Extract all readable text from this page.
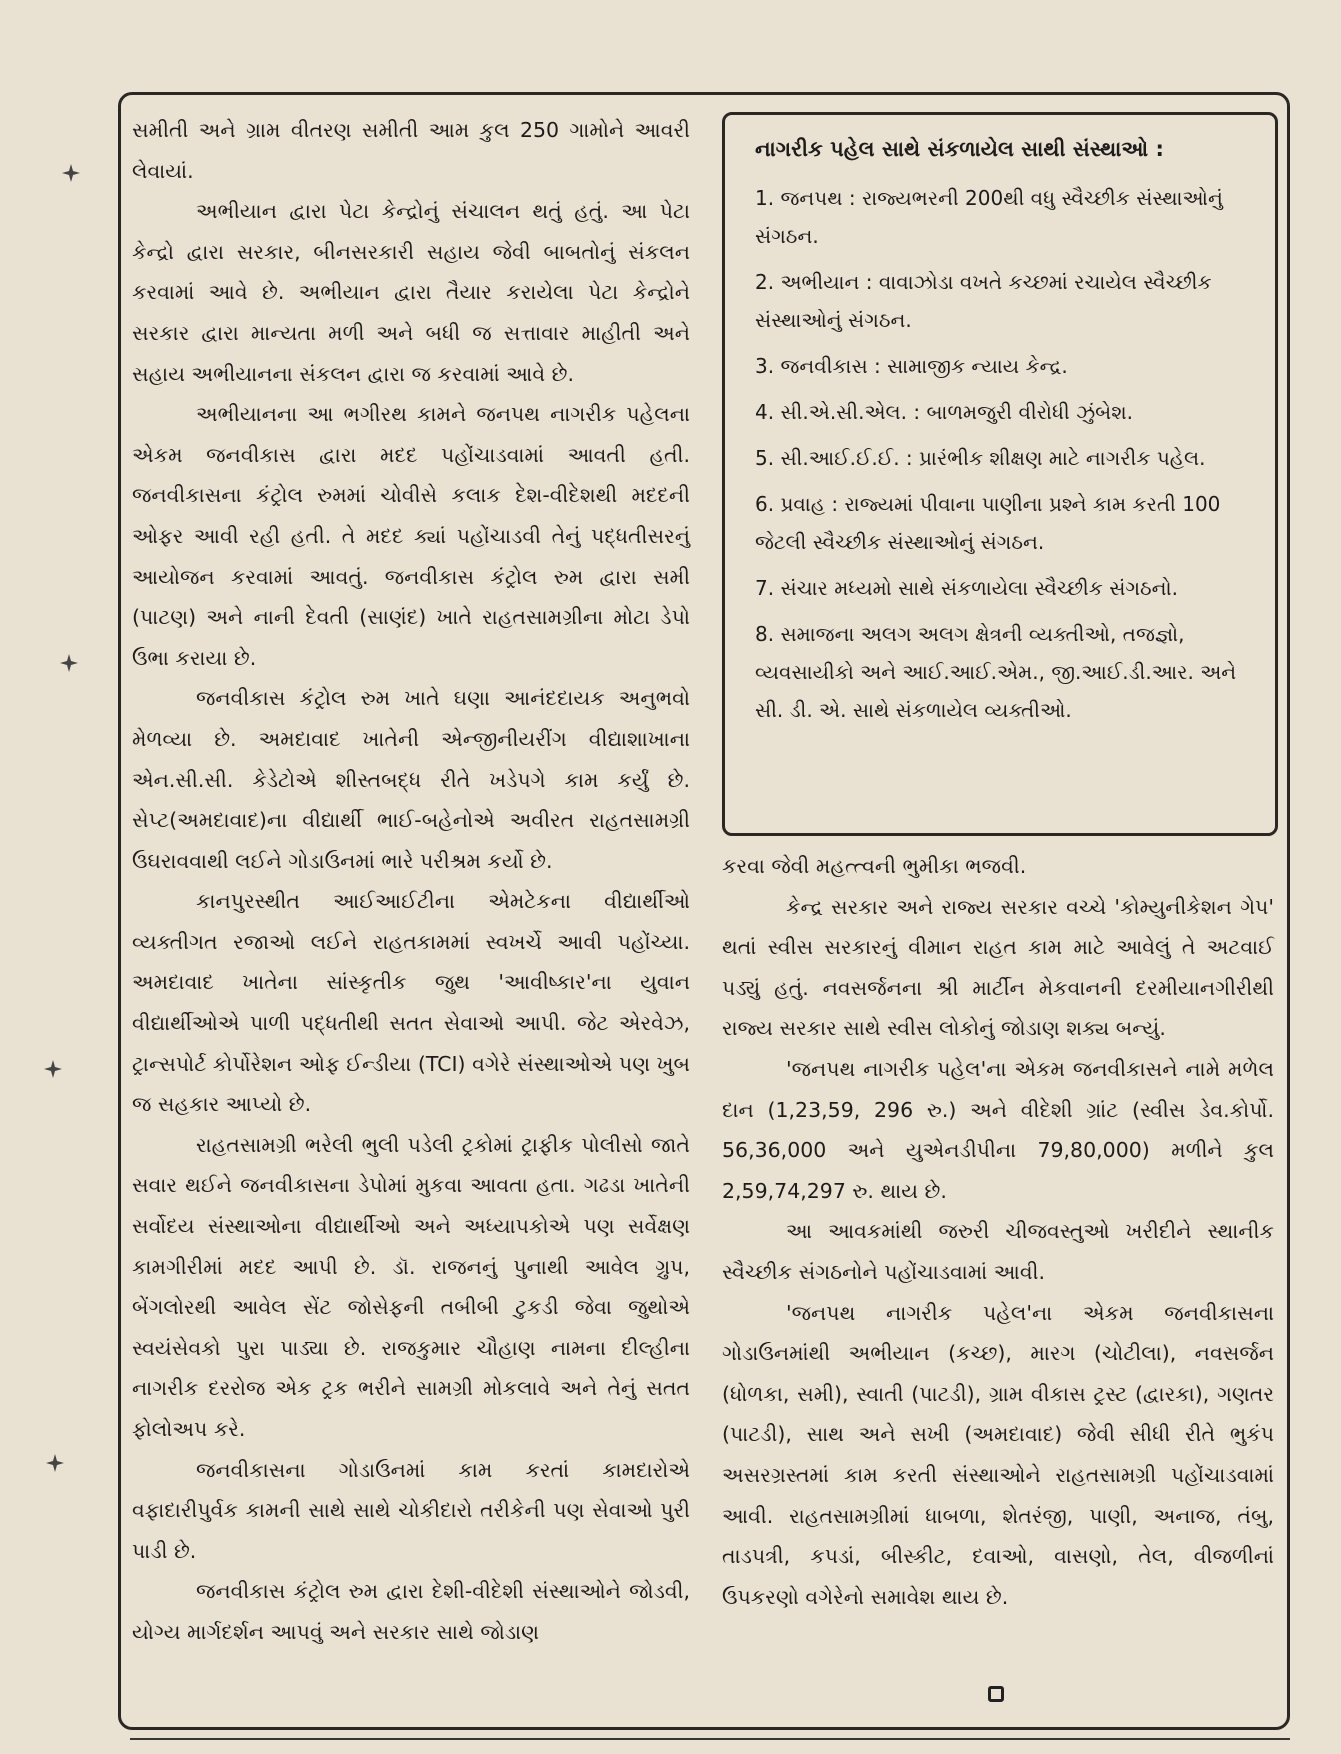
સમીતી અને ગ્રામ વીતરણ સમીતી આમ કુલ 250 ગામોને આવરી લેવાયાં.

અભીયાન દ્વારા પેટા કેન્દ્રોનું સંચાલન થતું હતું. આ પેટા કેન્દ્રો દ્વારા સરકાર, બીનસરકારી સહાય જેવી બાબતોનું સંકલન કરવામાં આવે છે. અભીયાન દ્વારા તૈયાર કરાયેલા પેટા કેન્દ્રોને સરકાર દ્વારા માન્યતા મળી અને બધી જ સત્તાવાર માહીતી અને સહાય અભીયાનના સંકલન દ્વારા જ કરવામાં આવે છે.

અભીયાનના આ ભગીરથ કામને જનપથ નાગરીક પહેલના એકમ જનવીકાસ દ્વારા મદદ પહોંચાડવામાં આવતી હતી. જનવીકાસના કંટ્રોલ રુમમાં ચોવીસે કલાક દેશ-વીદેશથી મદદની ઓફર આવી રહી હતી. તે મદદ ક્યાં પહોંચાડવી તેનું પદ્ધતીસરનું આયોજન કરવામાં આવતું. જનવીકાસ કંટ્રોલ રુમ દ્વારા સમી (પાટણ) અને નાની દેવતી (સાણંદ) ખાતે રાહતસામગ્રીના મોટા ડેપો ઉભા કરાયા છે.

જનવીકાસ કંટ્રોલ રુમ ખાતે ઘણા આનંદદાયક અનુભવો મેળવ્યા છે. અમદાવાદ ખાતેની એન્જીનીયરીંગ વીદ્યાશાખાના એન.સી.સી. કેડેટોએ શીસ્તબદ્ધ રીતે ખડેપગે કામ કર્યું છે. સેપ્ટ(અમદાવાદ)ના વીદ્યાર્થી ભાઈ-બહેનોએ અવીરત રાહતસામગ્રી ઉઘરાવવાથી લઈને ગોડાઉનમાં ભારે પરીશ્રમ કર્યો છે.

કાનપુરસ્થીત આઈઆઈટીના એમટેકના વીદ્યાર્થીઓ વ્યક્તીગત રજાઓ લઈને રાહતકામમાં સ્વખર્ચે આવી પહોંચ્યા. અમદાવાદ ખાતેના સાંસ્કૃતીક જુથ 'આવીષ્કાર'ના યુવાન વીદ્યાર્થીઓએ પાળી પદ્ધતીથી સતત સેવાઓ આપી. જેટ એરવેઝ, ટ્રાન્સપોર્ટ કોર્પોરેશન ઓફ ઈન્ડીયા (TCI) વગેરે સંસ્થાઓએ પણ ખુબ જ સહકાર આપ્યો છે.

રાહતસામગ્રી ભરેલી ભુલી પડેલી ટ્રકોમાં ટ્રાફીક પોલીસો જાતે સવાર થઈને જનવીકાસના ડેપોમાં મુકવા આવતા હતા. ગઢડા ખાતેની સર્વોદય સંસ્થાઓના વીદ્યાર્થીઓ અને અધ્યાપકોએ પણ સર્વેક્ષણ કામગીરીમાં મદદ આપી છે. ડૉ. રાજનનું પુનાથી આવેલ ગ્રુપ, બેંગલોરથી આવેલ સેંટ જોસેફની તબીબી ટુકડી જેવા જુથોએ સ્વયંસેવકો પુરા પાડ્યા છે. રાજકુમાર ચૌહાણ નામના દીલ્હીના નાગરીક દરરોજ એક ટ્રક ભરીને સામગ્રી મોકલાવે અને તેનું સતત ફોલોઅપ કરે.

જનવીકાસના ગોડાઉનમાં કામ કરતાં કામદારોએ વફાદારીપુર્વક કામની સાથે સાથે ચોકીદારો તરીકેની પણ સેવાઓ પુરી પાડી છે.

જનવીકાસ કંટ્રોલ રુમ દ્વારા દેશી-વીદેશી સંસ્થાઓને જોડવી, યોગ્ય માર્ગદર્શન આપવું અને સરકાર સાથે જોડાણ

નાગરીક પહેલ સાથે સંકળાયેલ સાથી સંસ્થાઓ :

1. જનપથ : રાજ્યભરની 200થી વધુ સ્વૈચ્છીક સંસ્થાઓનું સંગઠન.

2. અભીયાન : વાવાઝોડા વખતે કચ્છમાં રચાયેલ સ્વૈચ્છીક સંસ્થાઓનું સંગઠન.

3. જનવીકાસ : સામાજીક ન્યાય કેન્દ્ર.

4. સી.એ.સી.એલ. : બાળમજુરી વીરોધી ઝુંબેશ.

5. સી.આઈ.ઈ.ઈ. : પ્રારંભીક શીક્ષણ માટે નાગરીક પહેલ.

6. પ્રવાહ : રાજ્યમાં પીવાના પાણીના પ્રશ્ને કામ કરતી 100 જેટલી સ્વૈચ્છીક સંસ્થાઓનું સંગઠન.

7. સંચાર મધ્યમો સાથે સંકળાયેલા સ્વૈચ્છીક સંગઠનો.

8. સમાજના અલગ અલગ ક્ષેત્રની વ્યક્તીઓ, તજજ્ઞો, વ્યવસાયીકો અને આઈ.આઈ.એમ., જી.આઈ.ડી.આર. અને સી. ડી. એ. સાથે સંકળાયેલ વ્યક્તીઓ.

કરવા જેવી મહત્ત્વની ભુમીકા ભજવી.

કેન્દ્ર સરકાર અને રાજ્ય સરકાર વચ્ચે 'કોમ્યુનીકેશન ગેપ' થતાં સ્વીસ સરકારનું વીમાન રાહત કામ માટે આવેલું તે અટવાઈ પડ્યું હતું. નવસર્જનના શ્રી માર્ટીન મેકવાનની દરમીયાનગીરીથી રાજ્ય સરકાર સાથે સ્વીસ લોકોનું જોડાણ શક્ય બન્યું.

'જનપથ નાગરીક પહેલ'ના એકમ જનવીકાસને નામે મળેલ દાન (1,23,59, 296 રુ.) અને વીદેશી ગ્રાંટ (સ્વીસ ડેવ.કોર્પો. 56,36,000 અને યુએનડીપીના 79,80,000) મળીને કુલ 2,59,74,297 રુ. થાય છે.

આ આવકમાંથી જરુરી ચીજવસ્તુઓ ખરીદીને સ્થાનીક સ્વૈચ્છીક સંગઠનોને પહોંચાડવામાં આવી.

'જનપથ નાગરીક પહેલ'ના એકમ જનવીકાસના ગોડાઉનમાંથી અભીયાન (કચ્છ), મારગ (ચોટીલા), નવસર્જન (ધોળકા, સમી), સ્વાતી (પાટડી), ગ્રામ વીકાસ ટ્રસ્ટ (દ્વારકા), ગણતર (પાટડી), સાથ અને સખી (અમદાવાદ) જેવી સીધી રીતે ભુકંપ અસરગ્રસ્તમાં કામ કરતી સંસ્થાઓને રાહતસામગ્રી પહોંચાડવામાં આવી. રાહતસામગ્રીમાં ધાબળા, શેતરંજી, પાણી, અનાજ, તંબુ, તાડપત્રી, કપડાં, બીસ્કીટ, દવાઓ, વાસણો, તેલ, વીજળીનાં ઉપકરણો વગેરેનો સમાવેશ થાય છે.
